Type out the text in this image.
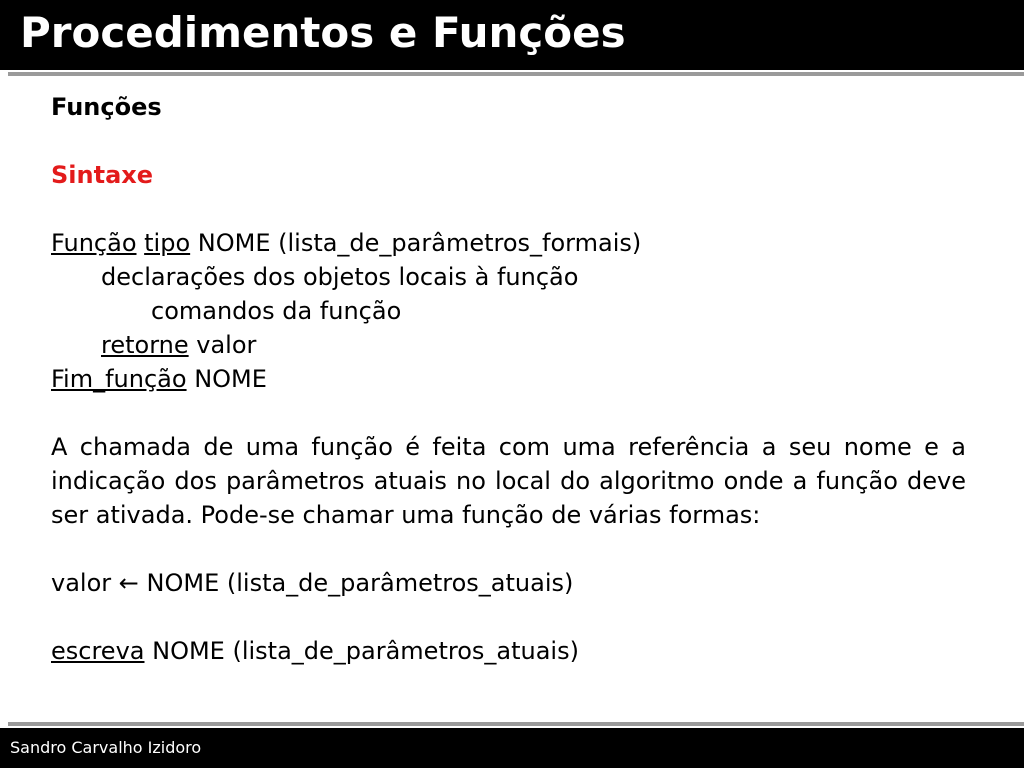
Procedimentos e Funções
Funções
Sintaxe
Função tipo NOME (lista_de_parâmetros_formais)
declarações dos objetos locais à função
comandos da função
retorne valor
Fim_função NOME
A chamada de uma função é feita com uma referência a seu nome e a indicação dos parâmetros atuais no local do algoritmo onde a função deve ser ativada. Pode-se chamar uma função de várias formas:
valor ← NOME (lista_de_parâmetros_atuais)
escreva NOME (lista_de_parâmetros_atuais)
Sandro Carvalho Izidoro
